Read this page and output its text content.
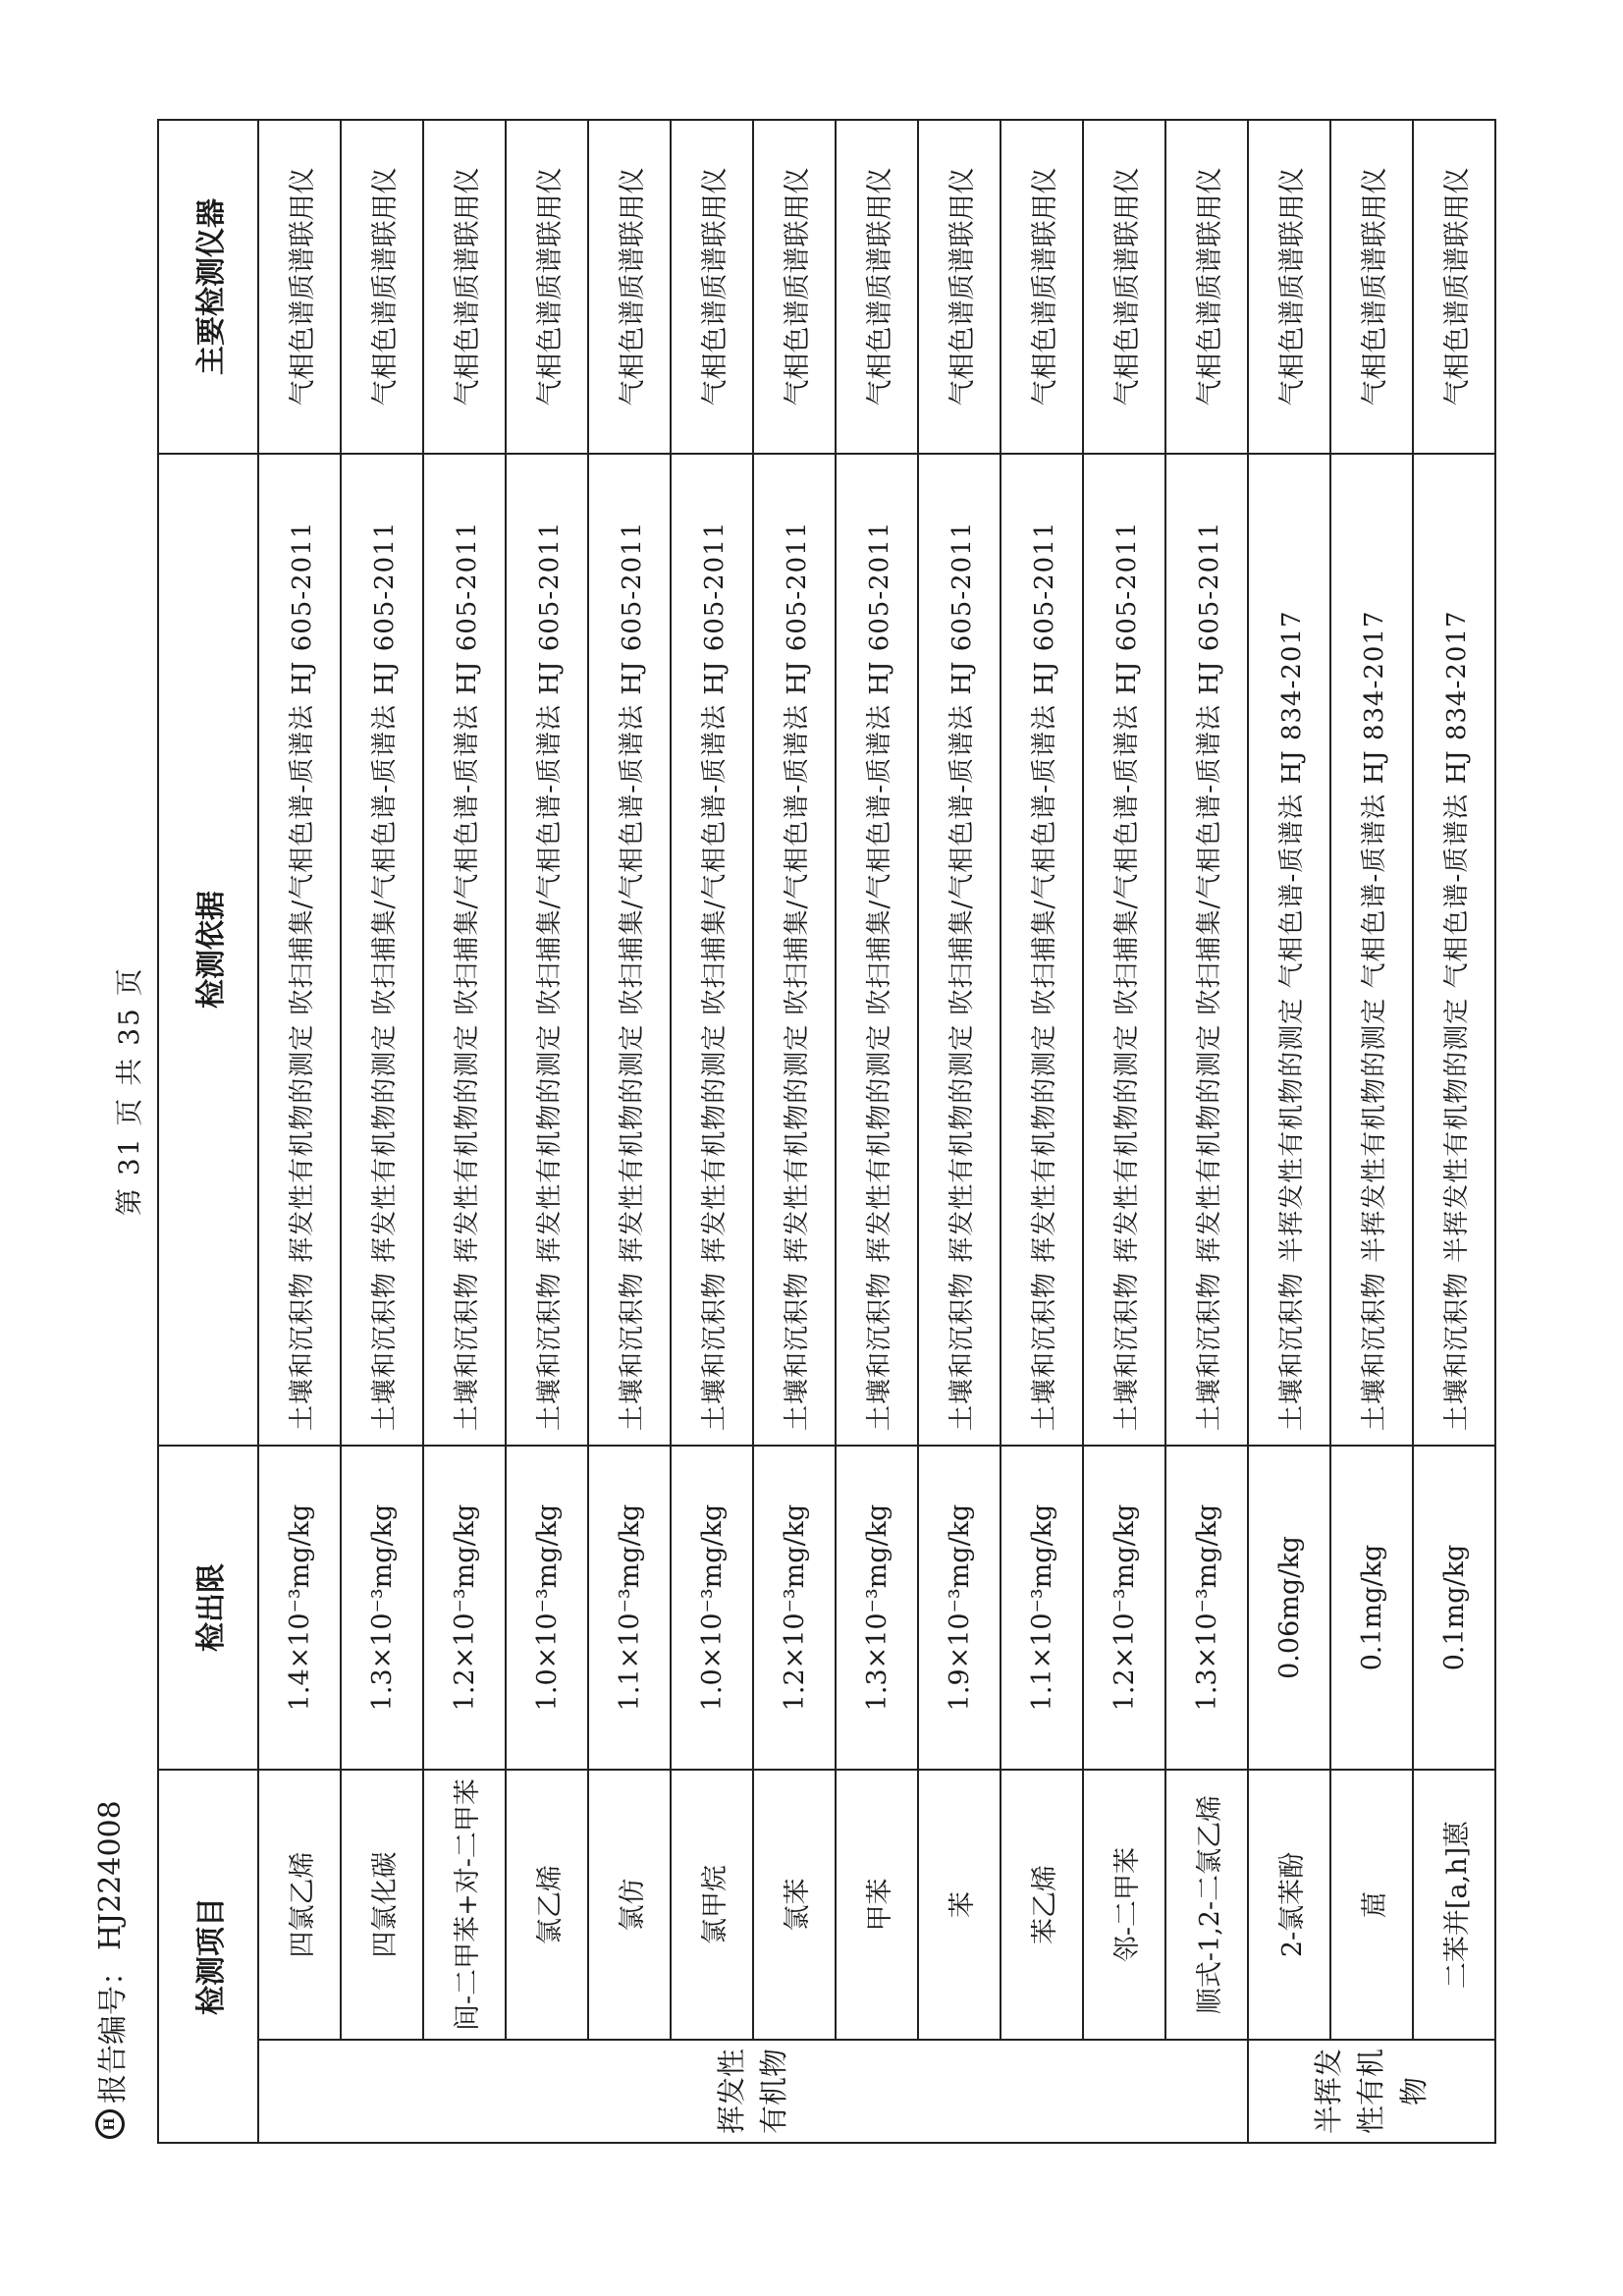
H
报告编号：
HJ224008
第 31 页 共 35 页
检测项目		检出限	检测依据	主要检测仪器
挥发性有机物	四氯乙烯	1.4×10⁻³mg/kg	土壤和沉积物 挥发性有机物的测定 吹扫捕集/气相色谱-质谱法 HJ 605-2011	气相色谱质谱联用仪
	四氯化碳	1.3×10⁻³mg/kg	土壤和沉积物 挥发性有机物的测定 吹扫捕集/气相色谱-质谱法 HJ 605-2011	气相色谱质谱联用仪
	间-二甲苯+对-二甲苯	1.2×10⁻³mg/kg	土壤和沉积物 挥发性有机物的测定 吹扫捕集/气相色谱-质谱法 HJ 605-2011	气相色谱质谱联用仪
	氯乙烯	1.0×10⁻³mg/kg	土壤和沉积物 挥发性有机物的测定 吹扫捕集/气相色谱-质谱法 HJ 605-2011	气相色谱质谱联用仪
	氯仿	1.1×10⁻³mg/kg	土壤和沉积物 挥发性有机物的测定 吹扫捕集/气相色谱-质谱法 HJ 605-2011	气相色谱质谱联用仪
	氯甲烷	1.0×10⁻³mg/kg	土壤和沉积物 挥发性有机物的测定 吹扫捕集/气相色谱-质谱法 HJ 605-2011	气相色谱质谱联用仪
	氯苯	1.2×10⁻³mg/kg	土壤和沉积物 挥发性有机物的测定 吹扫捕集/气相色谱-质谱法 HJ 605-2011	气相色谱质谱联用仪
	甲苯	1.3×10⁻³mg/kg	土壤和沉积物 挥发性有机物的测定 吹扫捕集/气相色谱-质谱法 HJ 605-2011	气相色谱质谱联用仪
	苯	1.9×10⁻³mg/kg	土壤和沉积物 挥发性有机物的测定 吹扫捕集/气相色谱-质谱法 HJ 605-2011	气相色谱质谱联用仪
	苯乙烯	1.1×10⁻³mg/kg	土壤和沉积物 挥发性有机物的测定 吹扫捕集/气相色谱-质谱法 HJ 605-2011	气相色谱质谱联用仪
	邻-二甲苯	1.2×10⁻³mg/kg	土壤和沉积物 挥发性有机物的测定 吹扫捕集/气相色谱-质谱法 HJ 605-2011	气相色谱质谱联用仪
	顺式-1,2-二氯乙烯	1.3×10⁻³mg/kg	土壤和沉积物 挥发性有机物的测定 吹扫捕集/气相色谱-质谱法 HJ 605-2011	气相色谱质谱联用仪
半挥发性有机物	2-氯苯酚	0.06mg/kg	土壤和沉积物 半挥发性有机物的测定 气相色谱-质谱法 HJ 834-2017	气相色谱质谱联用仪
	䓛	0.1mg/kg	土壤和沉积物 半挥发性有机物的测定 气相色谱-质谱法 HJ 834-2017	气相色谱质谱联用仪
	二苯并[a,h]蒽	0.1mg/kg	土壤和沉积物 半挥发性有机物的测定 气相色谱-质谱法 HJ 834-2017	气相色谱质谱联用仪
